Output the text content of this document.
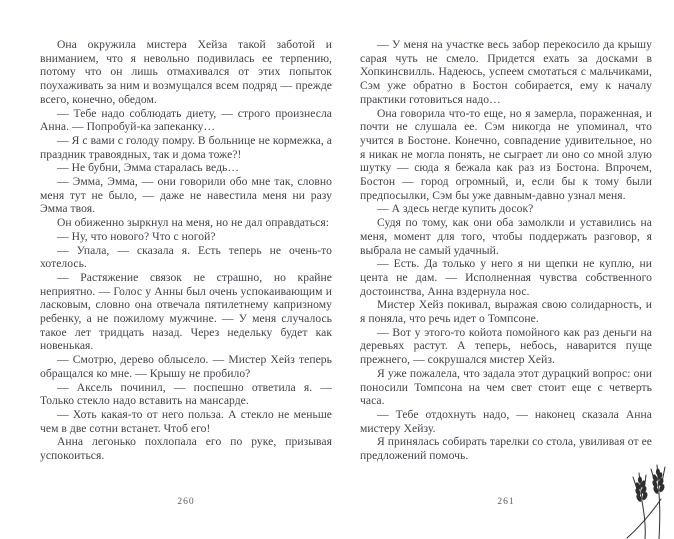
Она окружила мистера Хейза такой заботой и вниманием, что я невольно подивилась ее терпению, потому что он лишь отмахивался от этих попыток поухаживать за ним и возмущался всем подряд — прежде всего, конечно, обедом.

— Тебе надо соблюдать диету, — строго произнесла Анна. — Попробуй-ка запеканку…

— Я с вами с голоду помру. В больнице не кормежка, а праздник травоядных, так и дома тоже?!

— Не бубни, Эмма старалась ведь…

— Эмма, Эмма, — они говорили обо мне так, словно меня тут не было, — даже не навестила меня ни разу Эмма твоя.

Он обиженно зыркнул на меня, но не дал оправдаться:

— Ну, что нового? Что с ногой?

— Упала, — сказала я. Есть теперь не очень-то хотелось.

— Растяжение связок не страшно, но крайне неприятно. — Голос у Анны был очень успокаивающим и ласковым, словно она отвечала пятилетнему капризному ребенку, а не пожилому мужчине. — У меня случалось такое лет тридцать назад. Через недельку будет как новенькая.

— Смотрю, дерево облысело. — Мистер Хейз теперь обращался ко мне. — Крышу не пробило?

— Аксель починил, — поспешно ответила я. — Только стекло надо вставить на мансарде.

— Хоть какая-то от него польза. А стекло не меньше чем в две сотни встанет. Чтоб его!

Анна легонько похлопала его по руке, призывая успокоиться.

260

— У меня на участке весь забор перекосило да крышу сарая чуть не смело. Придется ехать за досками в Хопкинсвилль. Надеюсь, успеем смотаться с мальчиками, Сэм уже обратно в Бостон собирается, ему к началу практики готовиться надо…

Она говорила что-то еще, но я замерла, пораженная, и почти не слушала ее. Сэм никогда не упоминал, что учится в Бостоне. Конечно, совпадение удивительное, но я никак не могла понять, не сыграет ли оно со мной злую шутку — сюда я бежала как раз из Бостона. Впрочем, Бостон — город огромный, и, если бы к тому были предпосылки, Сэм бы уже давным-давно узнал меня.

— А здесь негде купить досок?

Судя по тому, как они оба замолкли и уставились на меня, момент для того, чтобы поддержать разговор, я выбрала не самый удачный.

— Есть. Да только у него я ни щепки не куплю, ни цента не дам. — Исполненная чувства собственного достоинства, Анна вздернула нос.

Мистер Хейз покивал, выражая свою солидарность, и я поняла, что речь идет о Томпсоне.

— Вот у этого-то койота помойного как раз деньги на деревьях растут. А теперь, небось, наварится пуще прежнего, — сокрушался мистер Хейз.

Я уже пожалела, что задала этот дурацкий вопрос: они поносили Томпсона на чем свет стоит еще с четверть часа.

— Тебе отдохнуть надо, — наконец сказала Анна мистеру Хейзу.

Я принялась собирать тарелки со стола, увиливая от ее предложений помочь.

261
